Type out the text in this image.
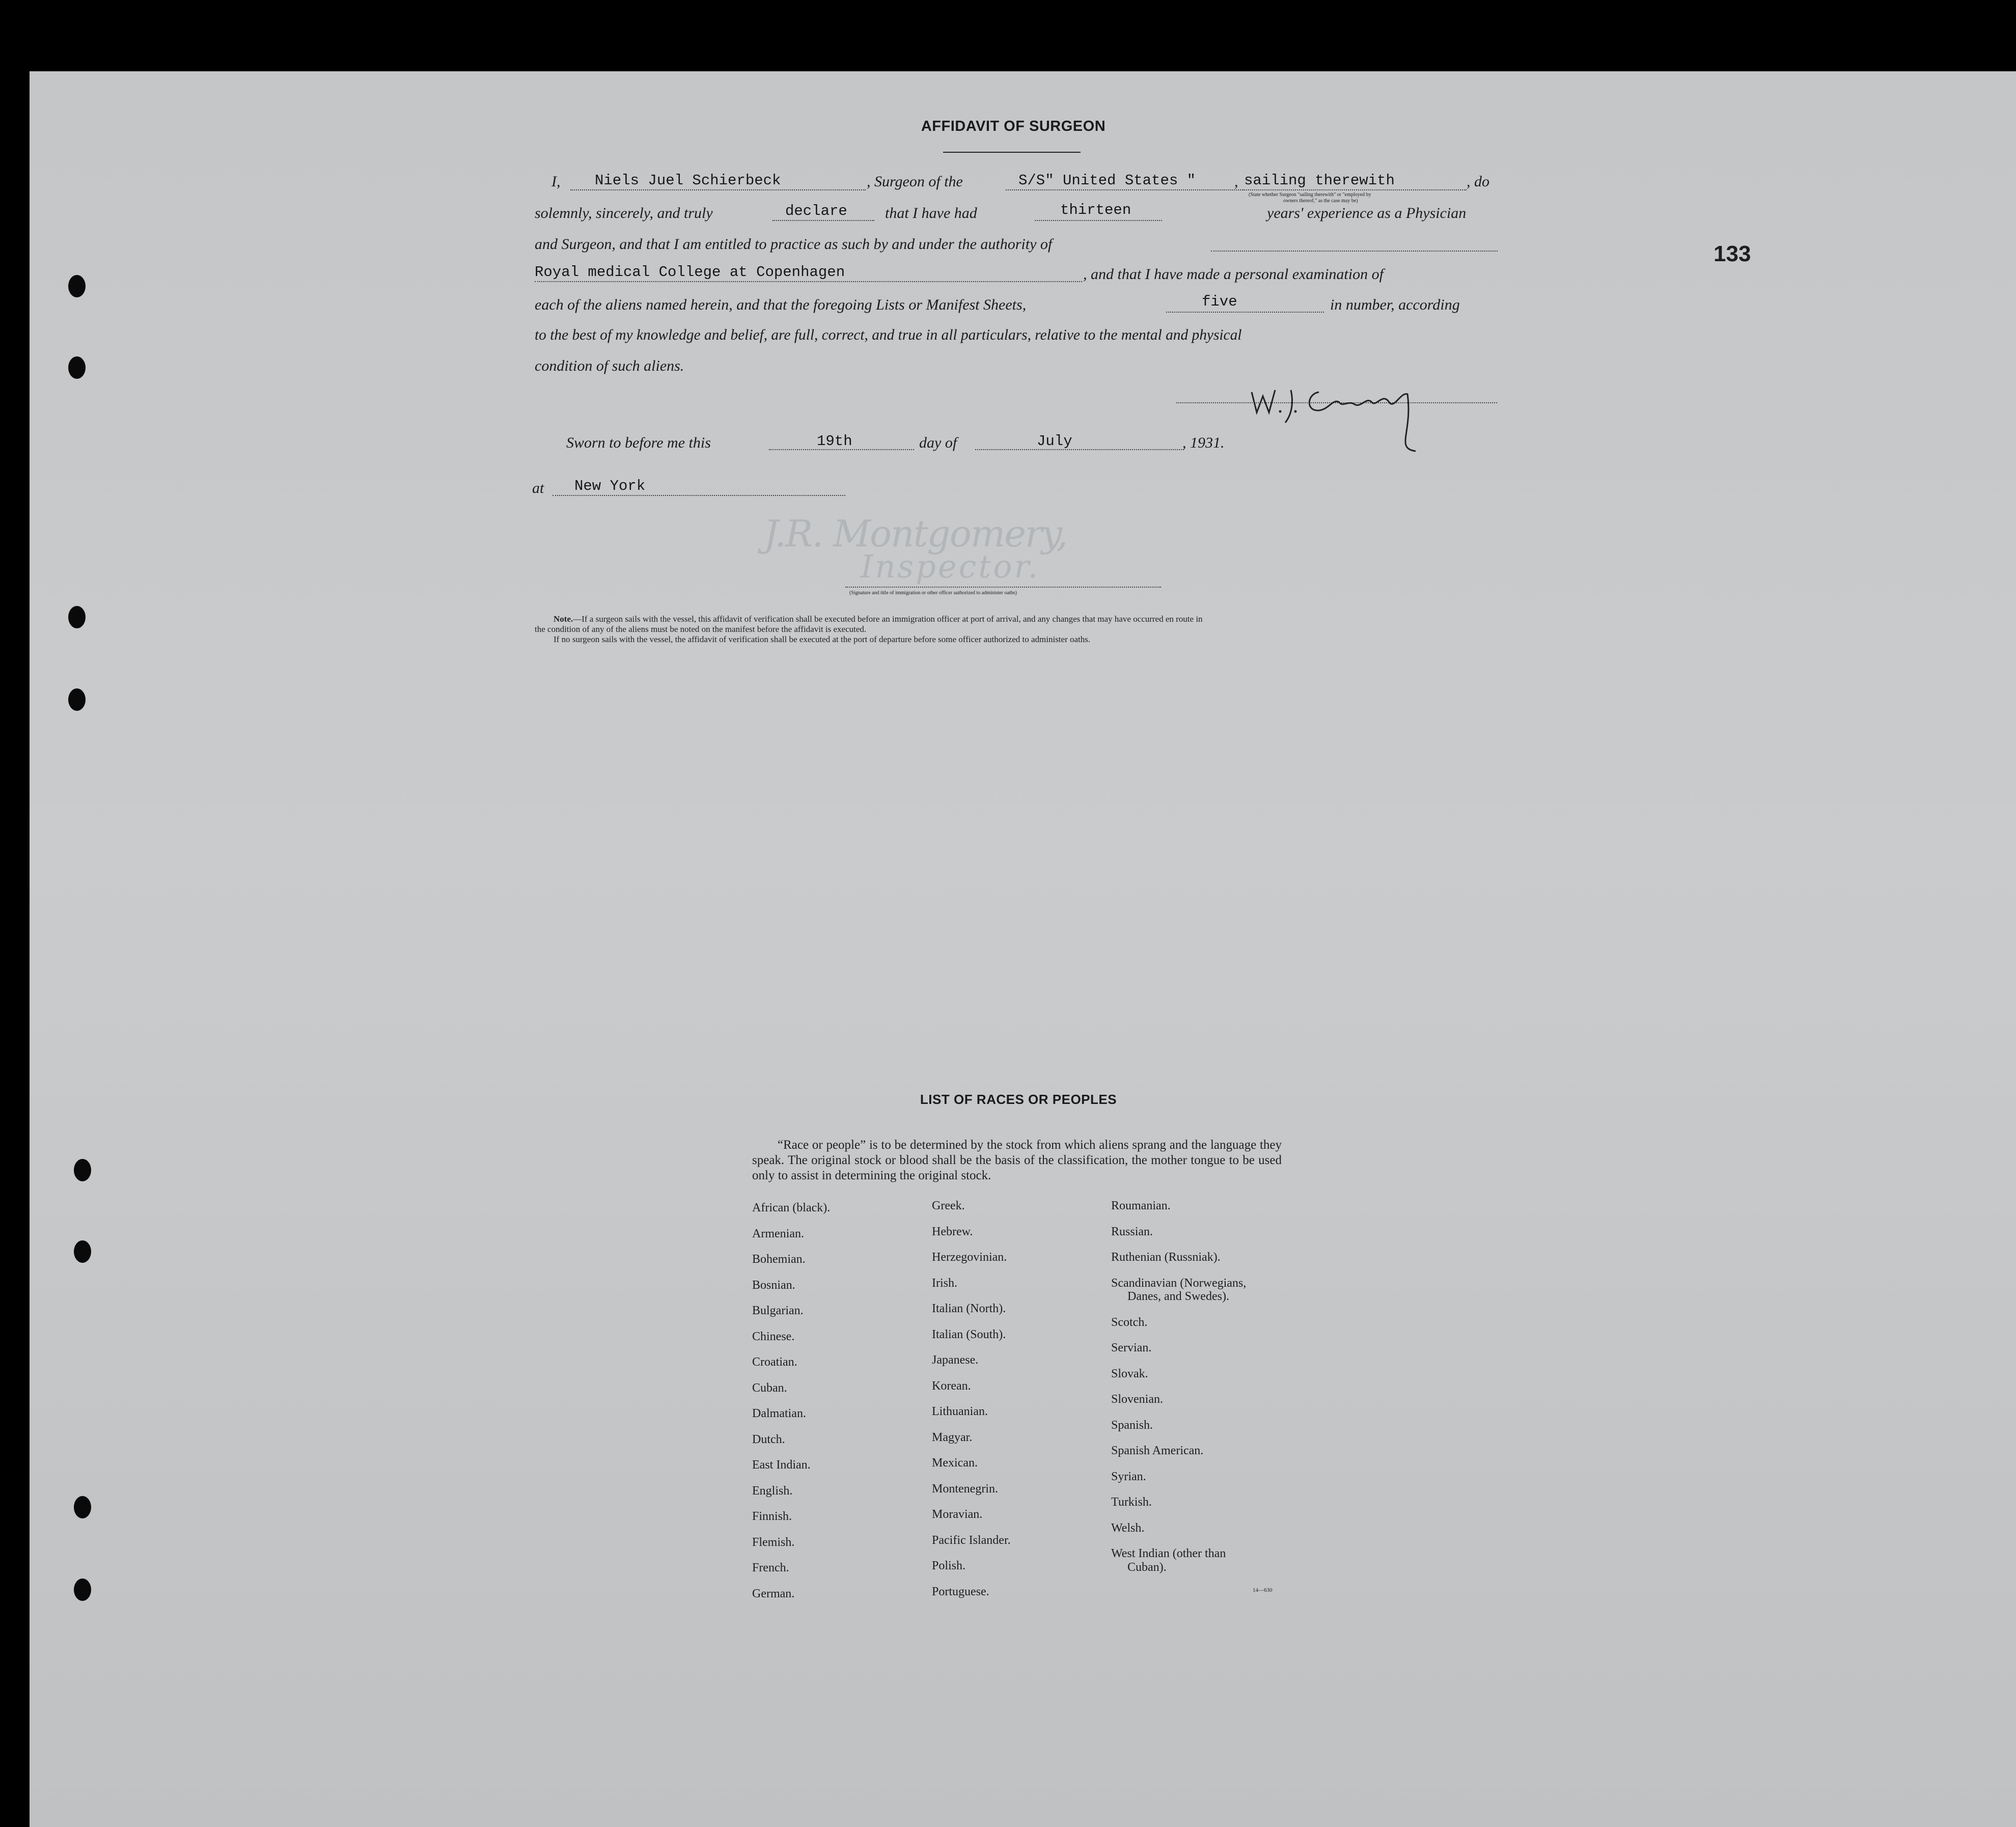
133
AFFIDAVIT OF SURGEON
I, Niels Juel Schierbeck	, Surgeon of the	S/S" United States "	, sailing therewith	, do
(State whether Surgeon "sailing therewith" or "employed by
owners thereof," as the case may be)
solemnly, sincerely, and truly	declare that I have had	thirteen	years' experience as a Physician
and Surgeon, and that I am entitled to practice as such by and under the authority of
Royal medical College at Copenhagen	, and that I have made a personal examination of
each of the aliens named herein, and that the foregoing Lists or Manifest Sheets,	five	in number, according
to the best of my knowledge and belief, are full, correct, and true in all particulars, relative to the mental and physical
condition of such aliens.
Sworn to before me this	19th	day of	July	, 1931.
at New York
J.R. Montgomery,
Inspector.
(Signature and title of immigration or other officer authorized to administer oaths)
Note.—If a surgeon sails with the vessel, this affidavit of verification shall be executed before an immigration officer at port of arrival, and any changes that may have occurred en route in
the condition of any of the aliens must be noted on the manifest before the affidavit is executed.
If no surgeon sails with the vessel, the affidavit of verification shall be executed at the port of departure before some officer authorized to administer oaths.
LIST OF RACES OR PEOPLES
“Race or people” is to be determined by the stock from which aliens sprang and the language they speak. The original stock or blood shall be the basis of the classification, the mother tongue to be used only to assist in determining the original stock.
African (black).
Armenian.
Bohemian.
Bosnian.
Bulgarian.
Chinese.
Croatian.
Cuban.
Dalmatian.
Dutch.
East Indian.
English.
Finnish.
Flemish.
French.
German.
Greek.
Hebrew.
Herzegovinian.
Irish.
Italian (North).
Italian (South).
Japanese.
Korean.
Lithuanian.
Magyar.
Mexican.
Montenegrin.
Moravian.
Pacific Islander.
Polish.
Portuguese.
Roumanian.
Russian.
Ruthenian (Russniak).
Scandinavian (Norwegians,
Danes, and Swedes).
Scotch.
Servian.
Slovak.
Slovenian.
Spanish.
Spanish American.
Syrian.
Turkish.
Welsh.
West Indian (other than
Cuban).
14—630
